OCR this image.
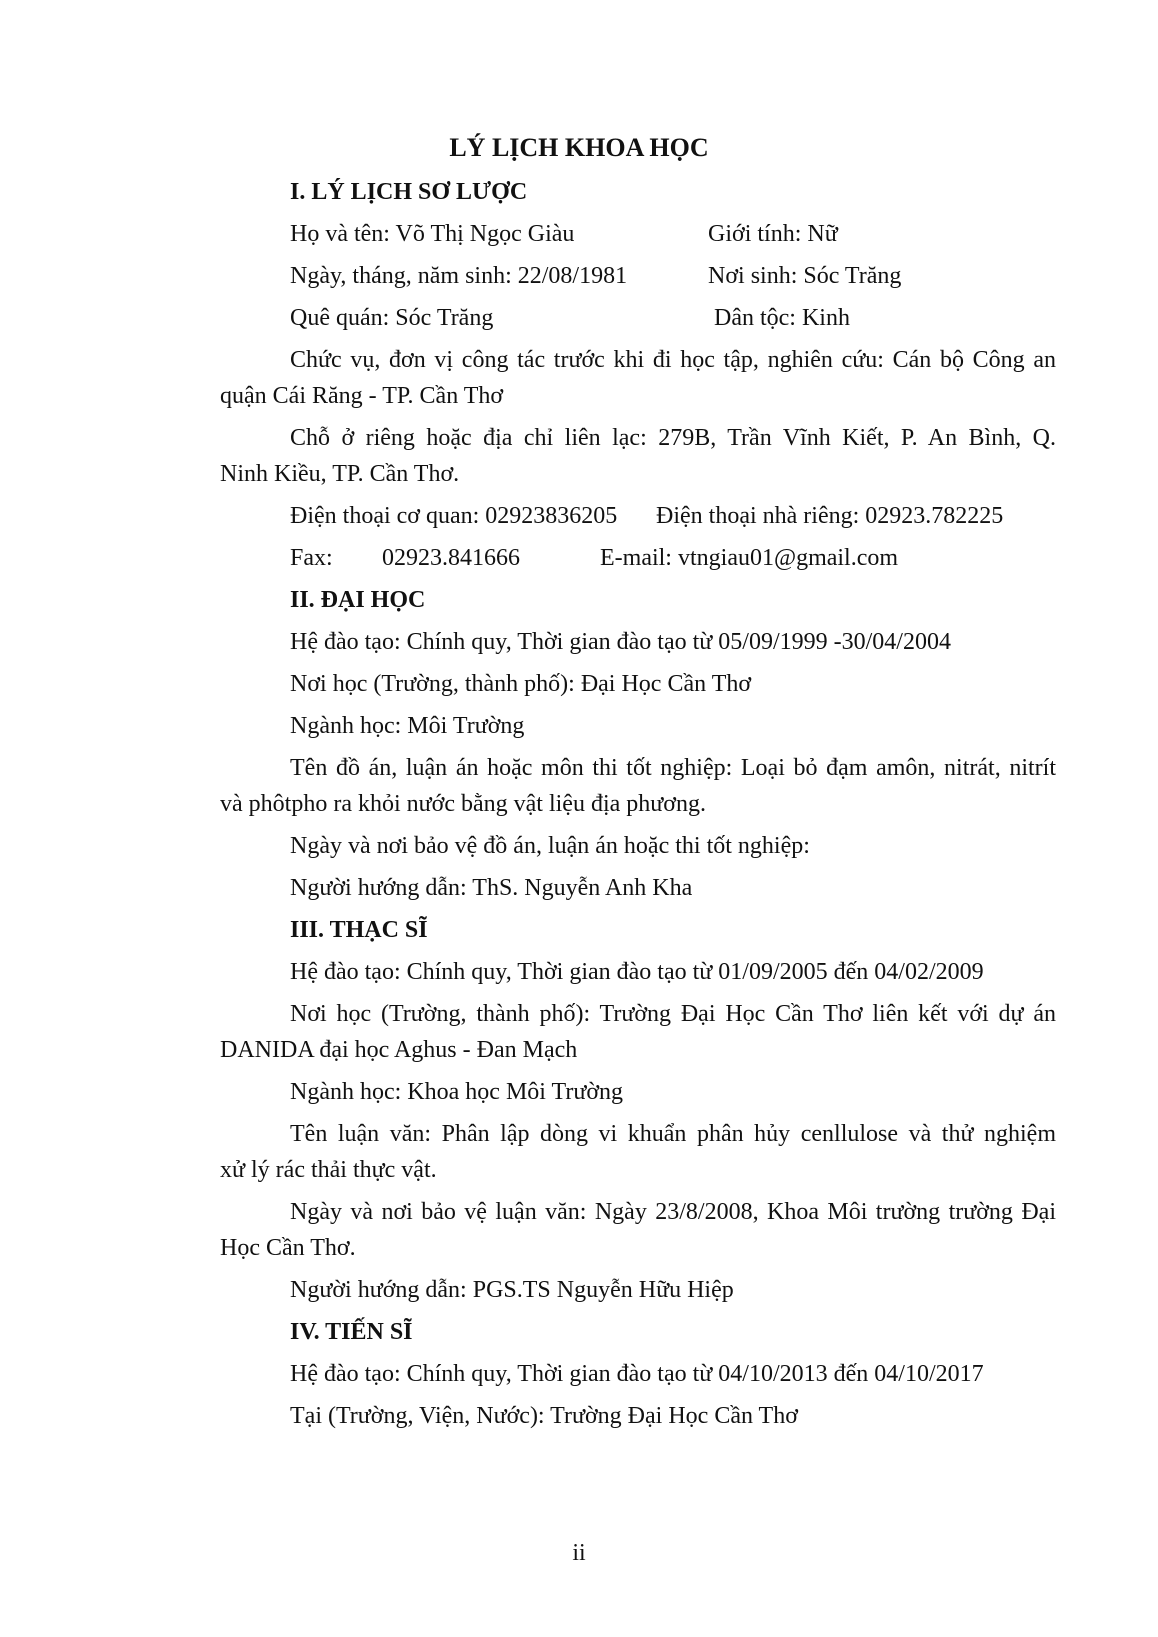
LÝ LỊCH KHOA HỌC
I. LÝ LỊCH SƠ LƯỢC
Họ và tên: Võ Thị Ngọc Giàu	Giới tính: Nữ
Ngày, tháng, năm sinh: 22/08/1981	Nơi sinh: Sóc Trăng
Quê quán: Sóc Trăng	Dân tộc: Kinh
Chức vụ, đơn vị công tác trước khi đi học tập, nghiên cứu: Cán bộ Công an
quận Cái Răng - TP. Cần Thơ
Chỗ ở riêng hoặc địa chỉ liên lạc: 279B, Trần Vĩnh Kiết, P. An Bình, Q.
Ninh Kiều, TP. Cần Thơ.
Điện thoại cơ quan: 02923836205 Điện thoại nhà riêng: 02923.782225
Fax: 02923.841666	E-mail: vtngiau01@gmail.com
II. ĐẠI HỌC
Hệ đào tạo: Chính quy, Thời gian đào tạo từ 05/09/1999 -30/04/2004
Nơi học (Trường, thành phố): Đại Học Cần Thơ
Ngành học: Môi Trường
Tên đồ án, luận án hoặc môn thi tốt nghiệp: Loại bỏ đạm amôn, nitrát, nitrít
và phôtpho ra khỏi nước bằng vật liệu địa phương.
Ngày và nơi bảo vệ đồ án, luận án hoặc thi tốt nghiệp:
Người hướng dẫn: ThS. Nguyễn Anh Kha
III. THẠC SĨ
Hệ đào tạo: Chính quy, Thời gian đào tạo từ 01/09/2005 đến 04/02/2009
Nơi học (Trường, thành phố): Trường Đại Học Cần Thơ liên kết với dự án
DANIDA đại học Aghus - Đan Mạch
Ngành học: Khoa học Môi Trường
Tên luận văn: Phân lập dòng vi khuẩn phân hủy cenllulose và thử nghiệm
xử lý rác thải thực vật.
Ngày và nơi bảo vệ luận văn: Ngày 23/8/2008, Khoa Môi trường trường Đại
Học Cần Thơ.
Người hướng dẫn: PGS.TS Nguyễn Hữu Hiệp
IV. TIẾN SĨ
Hệ đào tạo: Chính quy, Thời gian đào tạo từ 04/10/2013 đến 04/10/2017
Tại (Trường, Viện, Nước): Trường Đại Học Cần Thơ
ii
